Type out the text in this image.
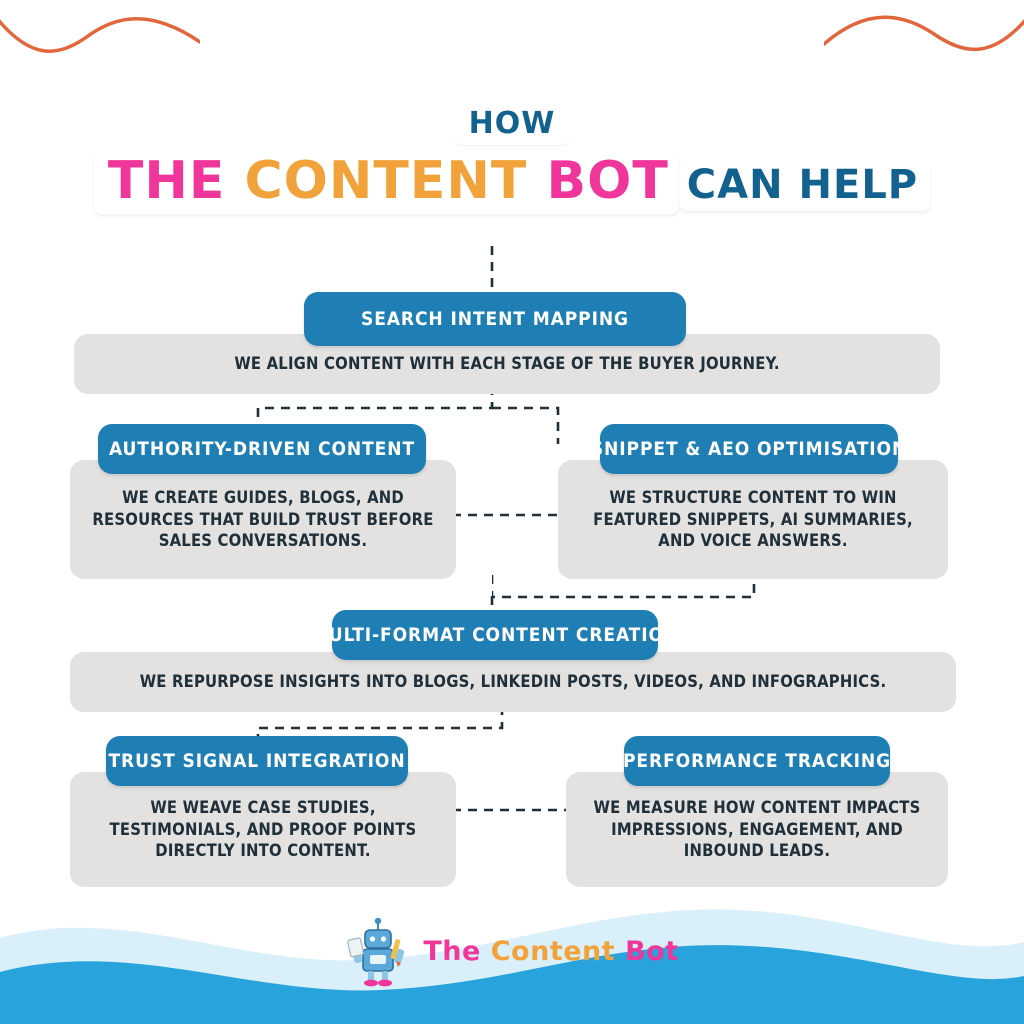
HOW
THE CONTENT BOT CAN HELP
WE ALIGN CONTENT WITH EACH STAGE OF THE BUYER JOURNEY.
SEARCH INTENT MAPPING
WE CREATE GUIDES, BLOGS, AND RESOURCES THAT BUILD TRUST BEFORE SALES CONVERSATIONS.
AUTHORITY-DRIVEN CONTENT
WE STRUCTURE CONTENT TO WIN FEATURED SNIPPETS, AI SUMMARIES, AND VOICE ANSWERS.
SNIPPET & AEO OPTIMISATION
WE REPURPOSE INSIGHTS INTO BLOGS, LINKEDIN POSTS, VIDEOS, AND INFOGRAPHICS.
MULTI-FORMAT CONTENT CREATION
WE WEAVE CASE STUDIES, TESTIMONIALS, AND PROOF POINTS DIRECTLY INTO CONTENT.
TRUST SIGNAL INTEGRATION
WE MEASURE HOW CONTENT IMPACTS IMPRESSIONS, ENGAGEMENT, AND INBOUND LEADS.
PERFORMANCE TRACKING
The Content Bot
